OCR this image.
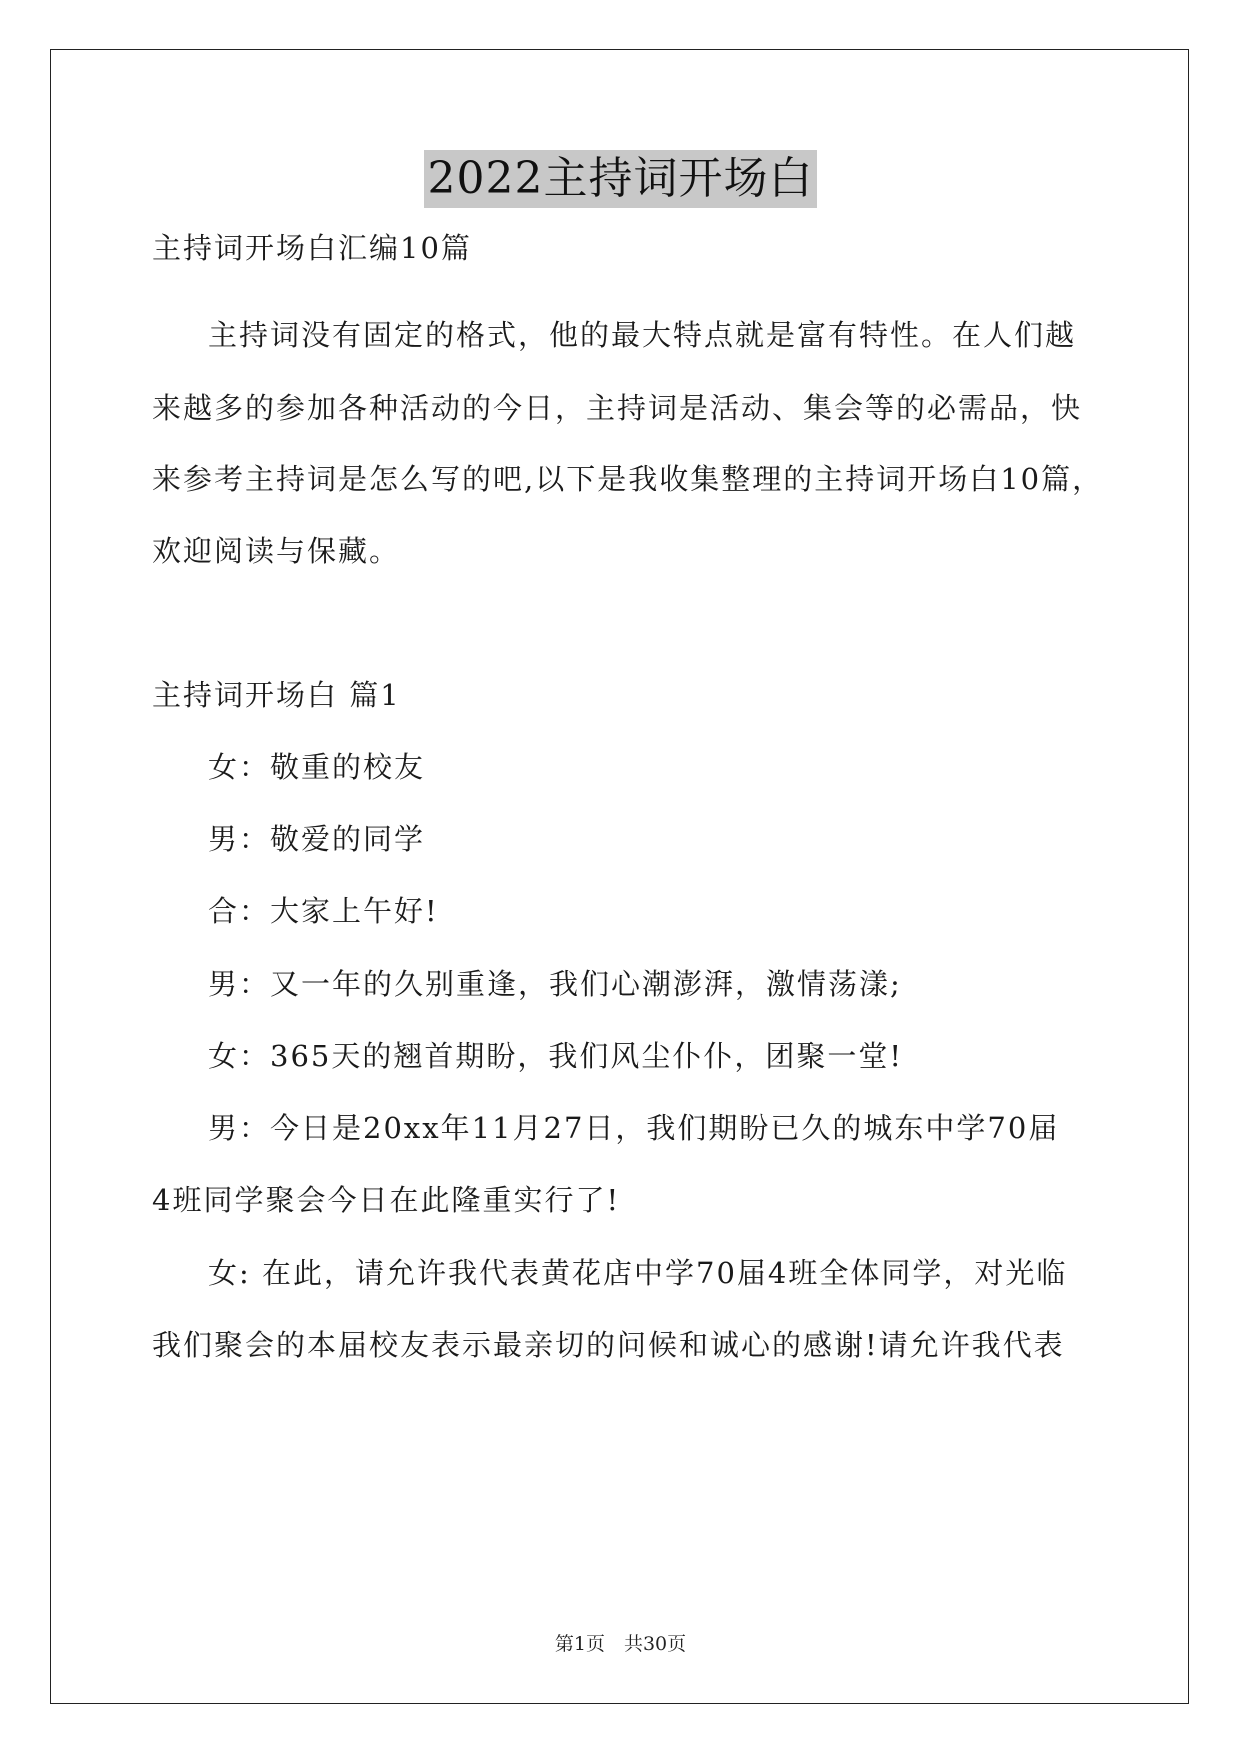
2022主持词开场白
主持词开场白汇编10篇
主持词没有固定的格式，他的最大特点就是富有特性。在人们越
来越多的参加各种活动的今日，主持词是活动、集会等的必需品，快
来参考主持词是怎么写的吧,以下是我收集整理的主持词开场白10篇，
欢迎阅读与保藏。
主持词开场白 篇1
女：敬重的校友
男：敬爱的同学
合：大家上午好!
男：又一年的久别重逢，我们心潮澎湃，激情荡漾;
女：365天的翘首期盼，我们风尘仆仆，团聚一堂!
男：今日是20xx年11月27日，我们期盼已久的城东中学70届
4班同学聚会今日在此隆重实行了!
女: 在此，请允许我代表黄花店中学70届4班全体同学，对光临
我们聚会的本届校友表示最亲切的问候和诚心的感谢!请允许我代表
第1页　共30页
